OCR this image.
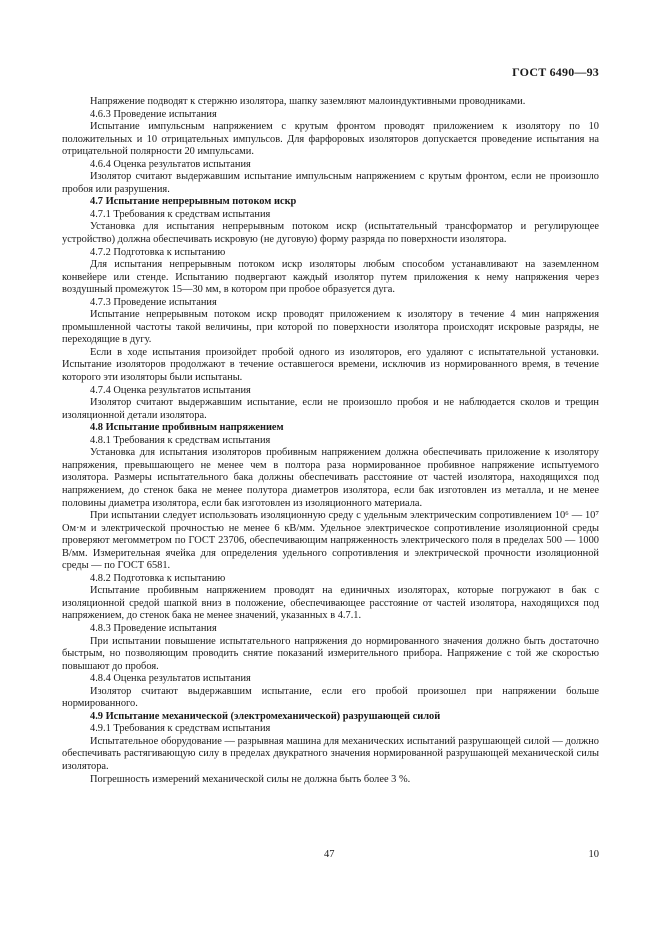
ГОСТ 6490—93

Напряжение подводят к стержню изолятора, шапку заземляют малоиндуктивными проводниками.

4.6.3 Проведение испытания

Испытание импульсным напряжением с крутым фронтом проводят приложением к изолятору по 10 положительных и 10 отрицательных импульсов. Для фарфоровых изоляторов допускается проведение испытания на отрицательной полярности 20 импульсами.

4.6.4 Оценка результатов испытания

Изолятор считают выдержавшим испытание импульсным напряжением с крутым фронтом, если не произошло пробоя или разрушения.

4.7 Испытание непрерывным потоком искр

4.7.1 Требования к средствам испытания

Установка для испытания непрерывным потоком искр (испытательный трансформатор и регулирующее устройство) должна обеспечивать искровую (не дуговую) форму разряда по поверхности изолятора.

4.7.2 Подготовка к испытанию

Для испытания непрерывным потоком искр изоляторы любым способом устанавливают на заземленном конвейере или стенде. Испытанию подвергают каждый изолятор путем приложения к нему напряжения через воздушный промежуток 15—30 мм, в котором при пробое образуется дуга.

4.7.3 Проведение испытания

Испытание непрерывным потоком искр проводят приложением к изолятору в течение 4 мин напряжения промышленной частоты такой величины, при которой по поверхности изолятора происходят искровые разряды, не переходящие в дугу.

Если в ходе испытания произойдет пробой одного из изоляторов, его удаляют с испытательной установки. Испытание изоляторов продолжают в течение оставшегося времени, исключив из нормированного время, в течение которого эти изоляторы были испытаны.

4.7.4 Оценка результатов испытания

Изолятор считают выдержавшим испытание, если не произошло пробоя и не наблюдается сколов и трещин изоляционной детали изолятора.

4.8 Испытание пробивным напряжением

4.8.1 Требования к средствам испытания

Установка для испытания изоляторов пробивным напряжением должна обеспечивать приложение к изолятору напряжения, превышающего не менее чем в полтора раза нормированное пробивное напряжение испытуемого изолятора. Размеры испытательного бака должны обеспечивать расстояние от частей изолятора, находящихся под напряжением, до стенок бака не менее полутора диаметров изолятора, если бак изготовлен из металла, и не менее половины диаметра изолятора, если бак изготовлен из изоляционного материала.

При испытании следует использовать изоляционную среду с удельным электрическим сопротивлением 10⁶ — 10⁷ Ом·м и электрической прочностью не менее 6 кВ/мм. Удельное электрическое сопротивление изоляционной среды проверяют мегомметром по ГОСТ 23706, обеспечивающим напряженность электрического поля в пределах 500 — 1000 В/мм. Измерительная ячейка для определения удельного сопротивления и электрической прочности изоляционной среды — по ГОСТ 6581.

4.8.2 Подготовка к испытанию

Испытание пробивным напряжением проводят на единичных изоляторах, которые погружают в бак с изоляционной средой шапкой вниз в положение, обеспечивающее расстояние от частей изолятора, находящихся под напряжением, до стенок бака не менее значений, указанных в 4.7.1.

4.8.3 Проведение испытания

При испытании повышение испытательного напряжения до нормированного значения должно быть достаточно быстрым, но позволяющим проводить снятие показаний измерительного прибора. Напряжение с той же скоростью повышают до пробоя.

4.8.4 Оценка результатов испытания

Изолятор считают выдержавшим испытание, если его пробой произошел при напряжении больше нормированного.

4.9 Испытание механической (электромеханической) разрушающей силой

4.9.1 Требования к средствам испытания

Испытательное оборудование — разрывная машина для механических испытаний разрушающей силой — должно обеспечивать растягивающую силу в пределах двукратного значения нормированной разрушающей механической силы изолятора.

Погрешность измерений механической силы не должна быть более 3 %.

47	10
